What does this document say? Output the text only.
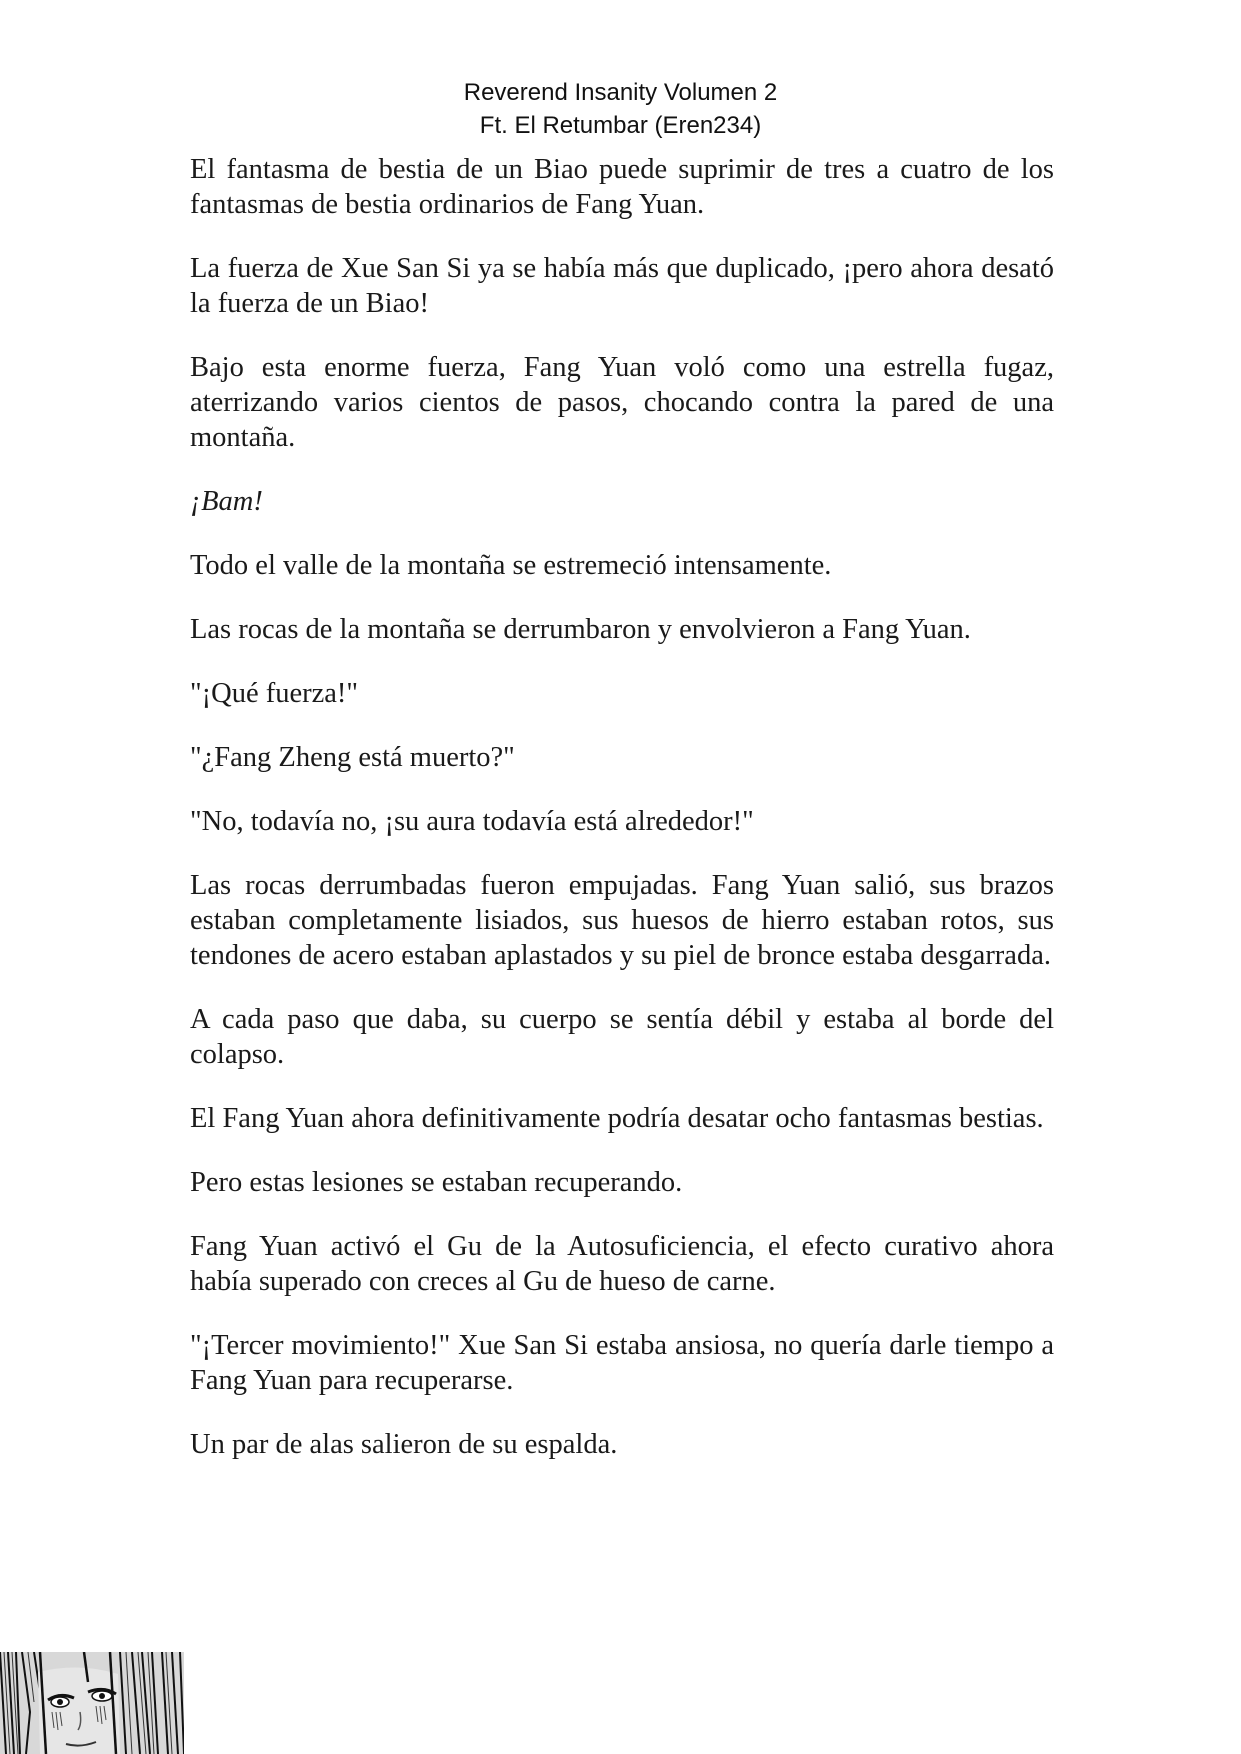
Reverend Insanity Volumen 2
Ft. El Retumbar (Eren234)

El fantasma de bestia de un Biao puede suprimir de tres a cuatro de los fantasmas de bestia ordinarios de Fang Yuan.

La fuerza de Xue San Si ya se había más que duplicado, ¡pero ahora desató la fuerza de un Biao!

Bajo esta enorme fuerza, Fang Yuan voló como una estrella fugaz, aterrizando varios cientos de pasos, chocando contra la pared de una montaña.

¡Bam!

Todo el valle de la montaña se estremeció intensamente.

Las rocas de la montaña se derrumbaron y envolvieron a Fang Yuan.

"¡Qué fuerza!"

"¿Fang Zheng está muerto?"

"No, todavía no, ¡su aura todavía está alrededor!"

Las rocas derrumbadas fueron empujadas. Fang Yuan salió, sus brazos estaban completamente lisiados, sus huesos de hierro estaban rotos, sus tendones de acero estaban aplastados y su piel de bronce estaba desgarrada.

A cada paso que daba, su cuerpo se sentía débil y estaba al borde del colapso.

El Fang Yuan ahora definitivamente podría desatar ocho fantasmas bestias.

Pero estas lesiones se estaban recuperando.

Fang Yuan activó el Gu de la Autosuficiencia, el efecto curativo ahora había superado con creces al Gu de hueso de carne.

"¡Tercer movimiento!" Xue San Si estaba ansiosa, no quería darle tiempo a Fang Yuan para recuperarse.

Un par de alas salieron de su espalda.
